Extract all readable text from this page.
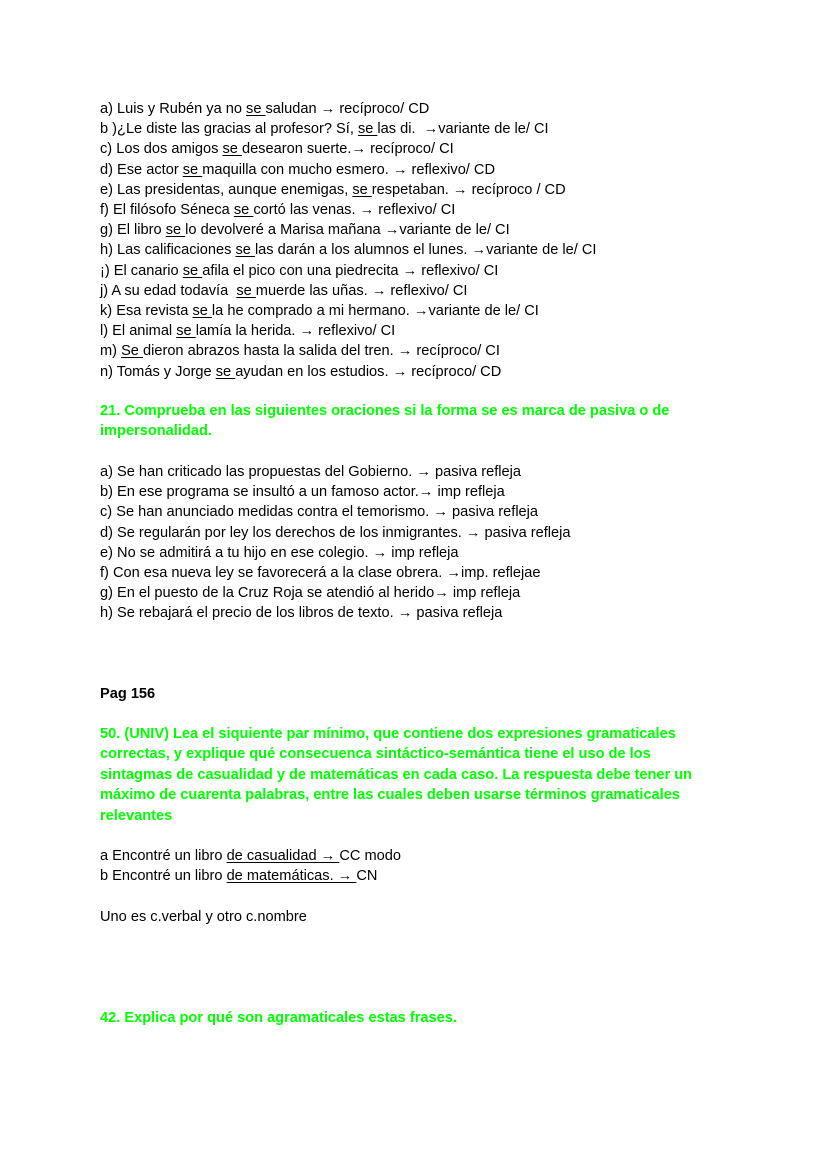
a) Luis y Rubén ya no se saludan → recíproco/ CD
b )¿Le diste las gracias al profesor? Sí, se las di.  →variante de le/ CI
c) Los dos amigos se desearon suerte.→ recíproco/ CI
d) Ese actor se maquilla con mucho esmero. → reflexivo/ CD
e) Las presidentas, aunque enemigas, se respetaban. → recíproco / CD
f) El filósofo Séneca se cortó las venas. → reflexivo/ CI
g) El libro se lo devolveré a Marisa mañana →variante de le/ CI
h) Las calificaciones se las darán a los alumnos el lunes. →variante de le/ CI
¡) El canario se afila el pico con una piedrecita → reflexivo/ CI
j) A su edad todavía  se muerde las uñas. → reflexivo/ CI
k) Esa revista se la he comprado a mi hermano. →variante de le/ CI
l) El animal se lamía la herida. → reflexivo/ CI
m) Se dieron abrazos hasta la salida del tren. → recíproco/ CI
n) Tomás y Jorge se ayudan en los estudios. → recíproco/ CD
21. Comprueba en las siguientes oraciones si la forma se es marca de pasiva o de
impersonalidad.
a) Se han criticado las propuestas del Gobierno. → pasiva refleja
b) En ese programa se insultó a un famoso actor.→ imp refleja
c) Se han anunciado medidas contra el temorismo. → pasiva refleja
d) Se regularán por ley los derechos de los inmigrantes. → pasiva refleja
e) No se admitirá a tu hijo en ese colegio. → imp refleja
f) Con esa nueva ley se favorecerá a la clase obrera. →imp. reflejae
g) En el puesto de la Cruz Roja se atendió al herido→ imp refleja
h) Se rebajará el precio de los libros de texto. → pasiva refleja
Pag 156
50. (UNIV) Lea el siquiente par mínimo, que contiene dos expresiones gramaticales
correctas, y explique qué consecuenca sintáctico-semántica tiene el uso de los
sintagmas de casualidad y de matemáticas en cada caso. La respuesta debe tener un
máximo de cuarenta palabras, entre las cuales deben usarse términos gramaticales
relevantes
a Encontré un libro de casualidad → CC modo
b Encontré un libro de matemáticas. → CN
Uno es c.verbal y otro c.nombre
42. Explica por qué son agramaticales estas frases.
